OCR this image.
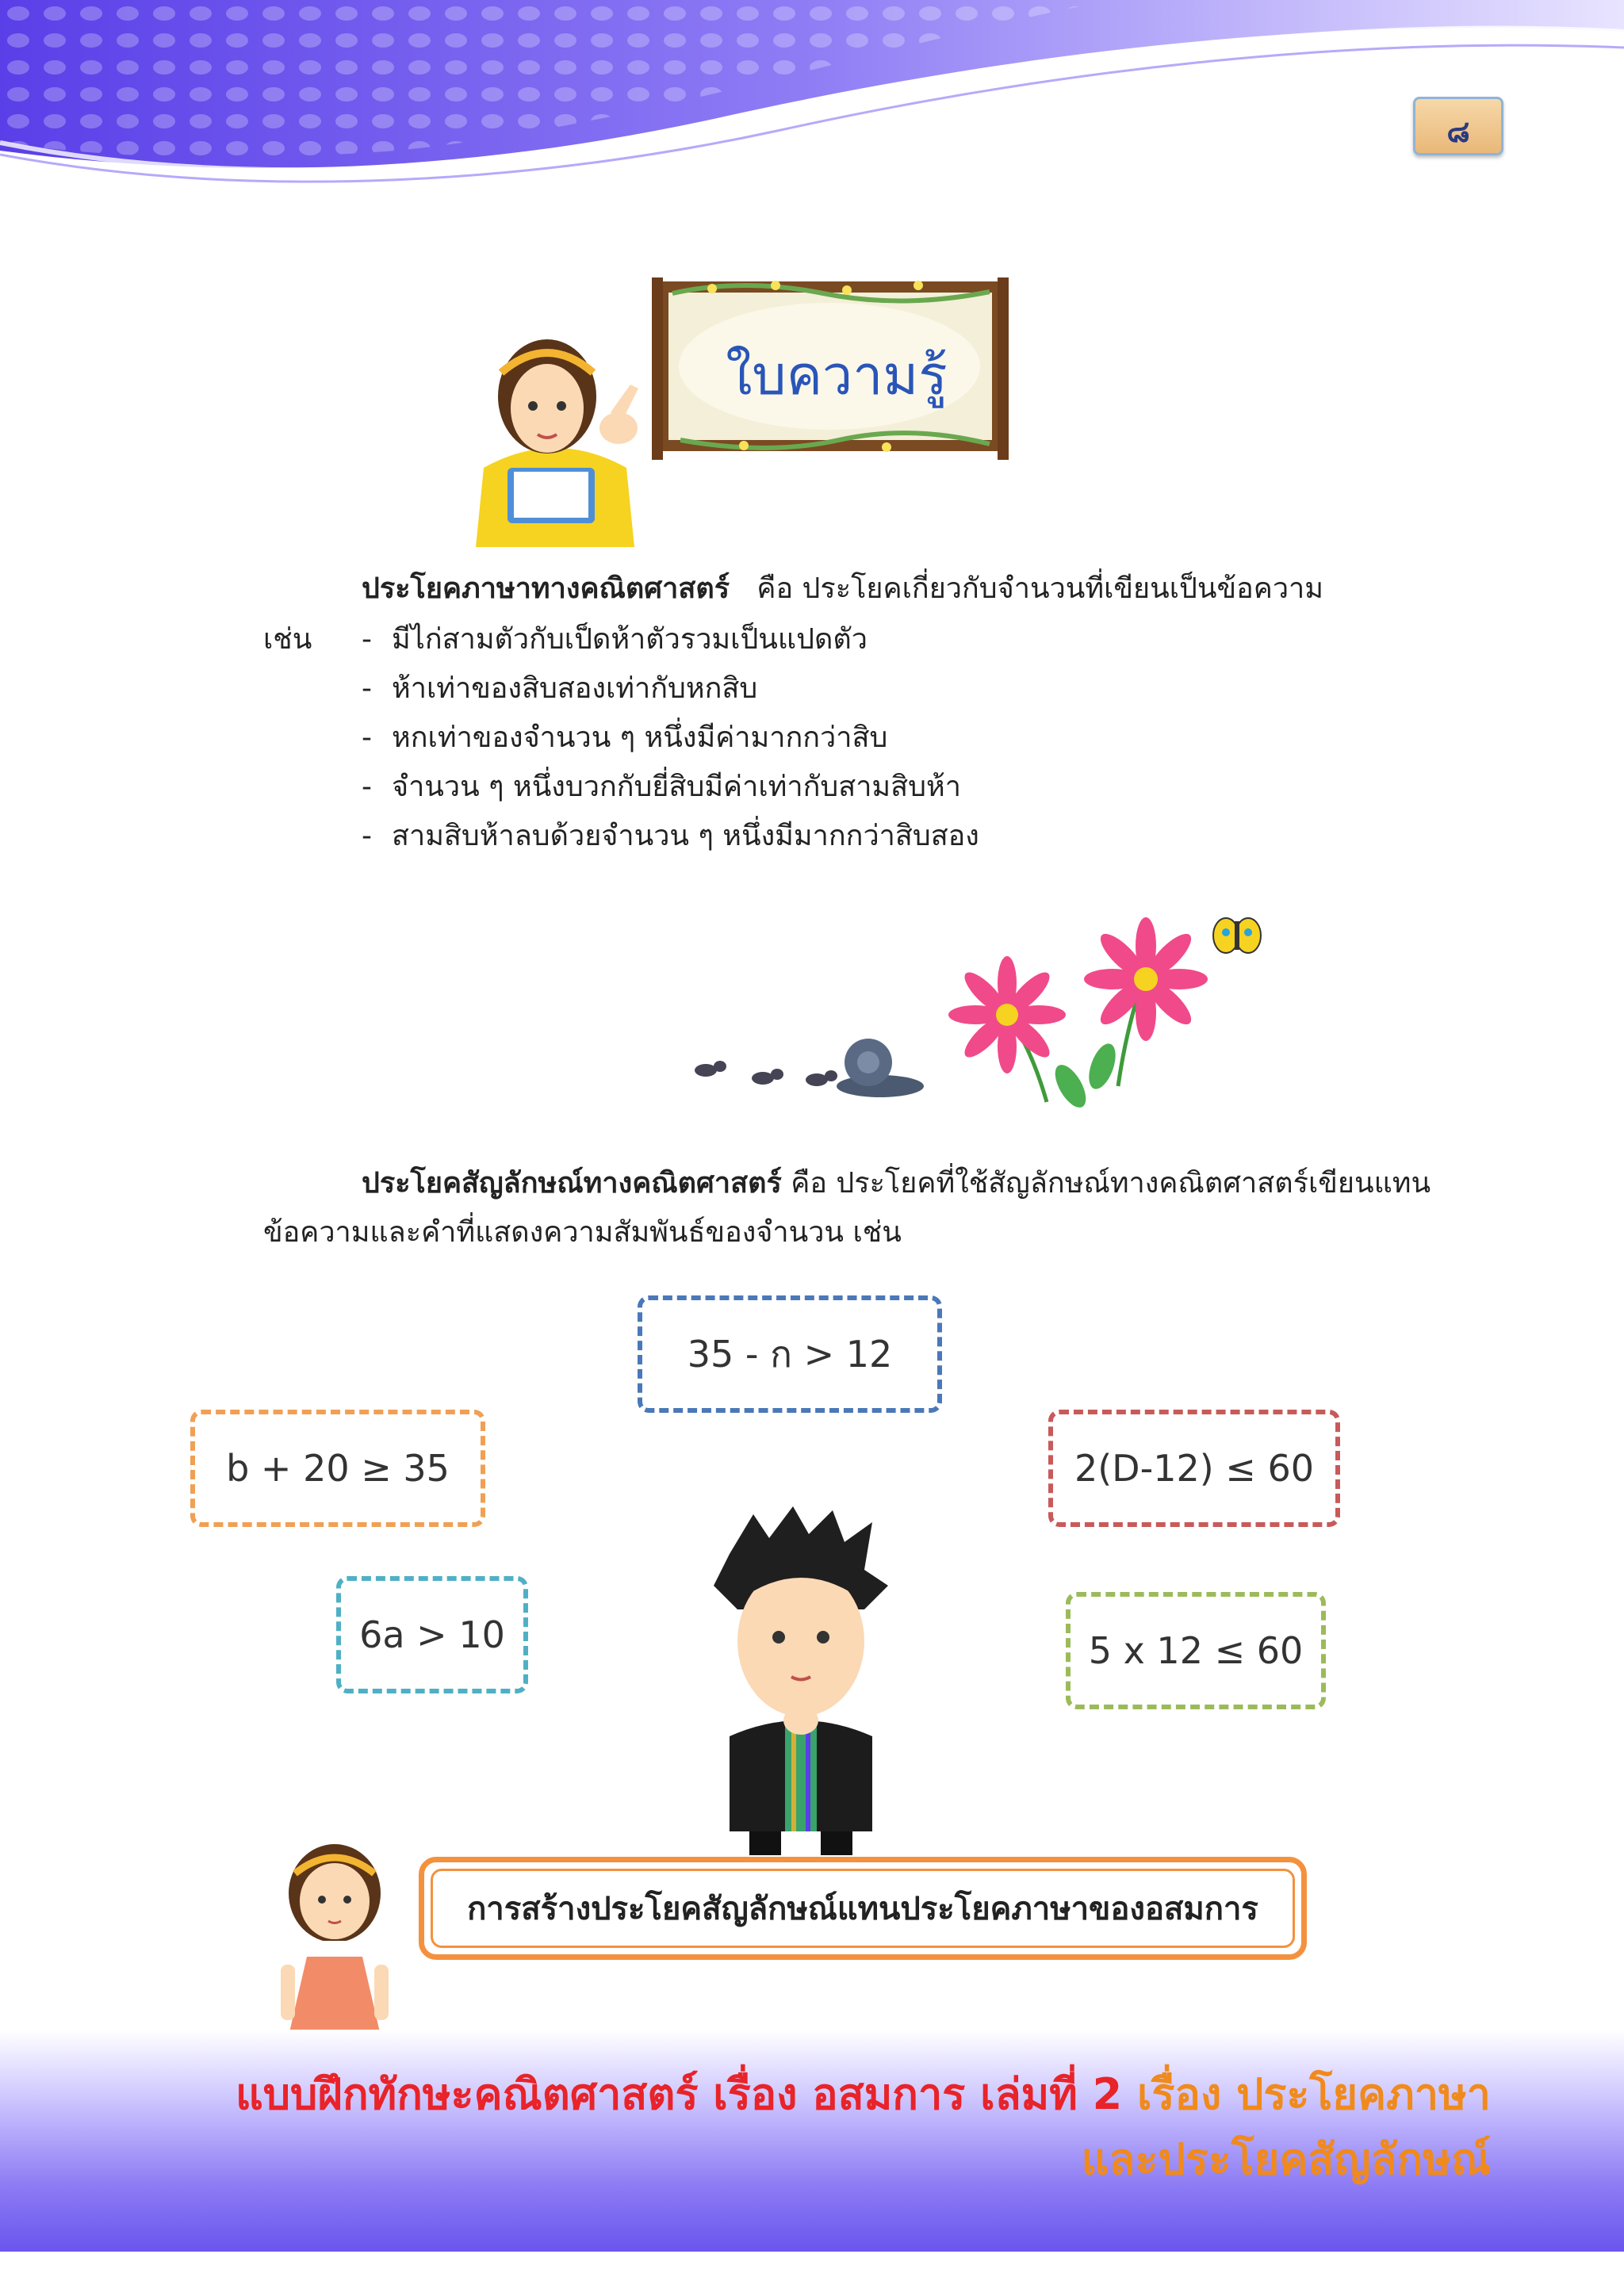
๘
ใบความรู้
ประโยคภาษาทางคณิตศาสตร์ คือ ประโยคเกี่ยวกับจำนวนที่เขียนเป็นข้อความ
เช่น	- มีไก่สามตัวกับเป็ดห้าตัวรวมเป็นแปดตัว
- ห้าเท่าของสิบสองเท่ากับหกสิบ
- หกเท่าของจำนวน ๆ หนึ่งมีค่ามากกว่าสิบ
- จำนวน ๆ หนึ่งบวกกับยี่สิบมีค่าเท่ากับสามสิบห้า
- สามสิบห้าลบด้วยจำนวน ๆ หนึ่งมีมากกว่าสิบสอง
ประโยคสัญลักษณ์ทางคณิตศาสตร์ คือ ประโยคที่ใช้สัญลักษณ์ทางคณิตศาสตร์เขียนแทน
ข้อความและคำที่แสดงความสัมพันธ์ของจำนวน เช่น
35 - ก > 12
b + 20 ≥ 35	2(D-12) ≤ 60
6a > 10	5 x 12 ≤ 60
การสร้างประโยคสัญลักษณ์แทนประโยคภาษาของอสมการ
แบบฝึกทักษะคณิตศาสตร์ เรื่อง อสมการ เล่มที่ 2 เรื่อง ประโยคภาษา
และประโยคสัญลักษณ์
